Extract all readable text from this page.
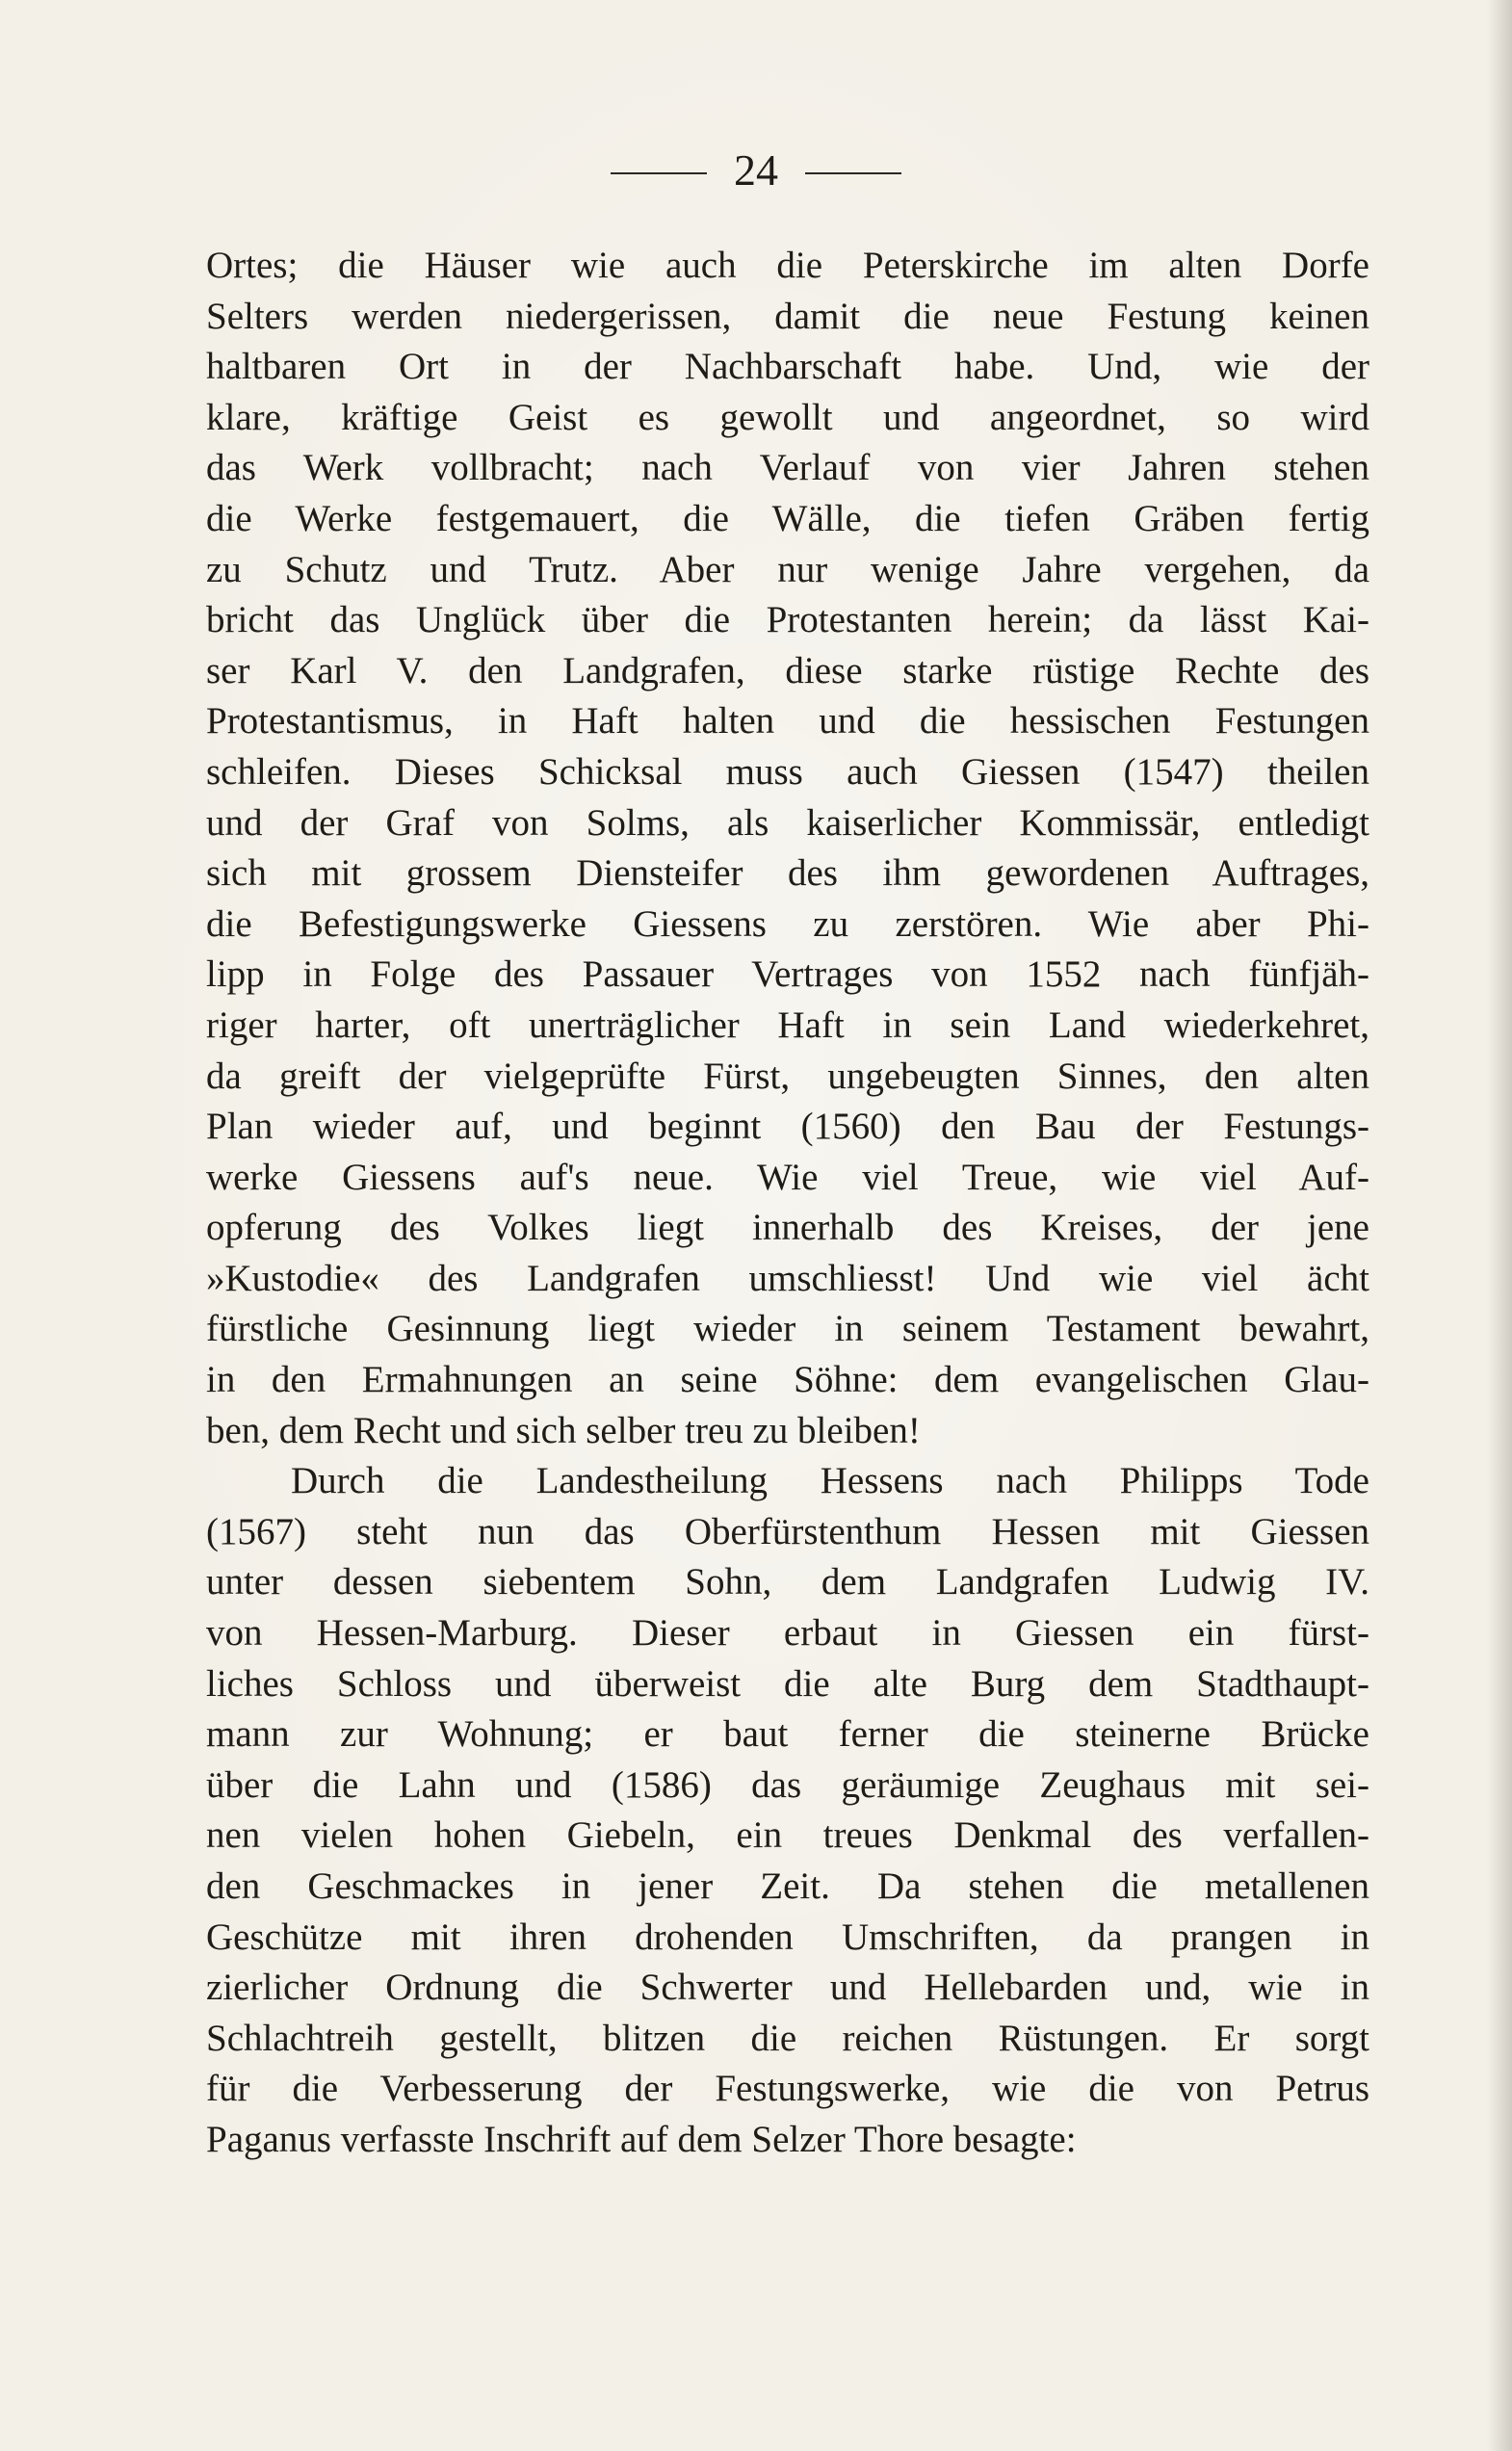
24
Ortes; die Häuser wie auch die Peterskirche im alten Dorfe
Selters werden niedergerissen, damit die neue Festung keinen
haltbaren Ort in der Nachbarschaft habe. Und, wie der
klare, kräftige Geist es gewollt und angeordnet, so wird
das Werk vollbracht; nach Verlauf von vier Jahren stehen
die Werke festgemauert, die Wälle, die tiefen Gräben fertig
zu Schutz und Trutz. Aber nur wenige Jahre vergehen, da
bricht das Unglück über die Protestanten herein; da lässt Kai-
ser Karl V. den Landgrafen, diese starke rüstige Rechte des
Protestantismus, in Haft halten und die hessischen Festungen
schleifen. Dieses Schicksal muss auch Giessen (1547) theilen
und der Graf von Solms, als kaiserlicher Kommissär, entledigt
sich mit grossem Diensteifer des ihm gewordenen Auftrages,
die Befestigungswerke Giessens zu zerstören. Wie aber Phi-
lipp in Folge des Passauer Vertrages von 1552 nach fünfjäh-
riger harter, oft unerträglicher Haft in sein Land wiederkehret,
da greift der vielgeprüfte Fürst, ungebeugten Sinnes, den alten
Plan wieder auf, und beginnt (1560) den Bau der Festungs-
werke Giessens auf's neue. Wie viel Treue, wie viel Auf-
opferung des Volkes liegt innerhalb des Kreises, der jene
»Kustodie« des Landgrafen umschliesst! Und wie viel ächt
fürstliche Gesinnung liegt wieder in seinem Testament bewahrt,
in den Ermahnungen an seine Söhne: dem evangelischen Glau-
ben, dem Recht und sich selber treu zu bleiben!
Durch die Landestheilung Hessens nach Philipps Tode
(1567) steht nun das Oberfürstenthum Hessen mit Giessen
unter dessen siebentem Sohn, dem Landgrafen Ludwig IV.
von Hessen-Marburg. Dieser erbaut in Giessen ein fürst-
liches Schloss und überweist die alte Burg dem Stadthaupt-
mann zur Wohnung; er baut ferner die steinerne Brücke
über die Lahn und (1586) das geräumige Zeughaus mit sei-
nen vielen hohen Giebeln, ein treues Denkmal des verfallen-
den Geschmackes in jener Zeit. Da stehen die metallenen
Geschütze mit ihren drohenden Umschriften, da prangen in
zierlicher Ordnung die Schwerter und Hellebarden und, wie in
Schlachtreih gestellt, blitzen die reichen Rüstungen. Er sorgt
für die Verbesserung der Festungswerke, wie die von Petrus
Paganus verfasste Inschrift auf dem Selzer Thore besagte:
